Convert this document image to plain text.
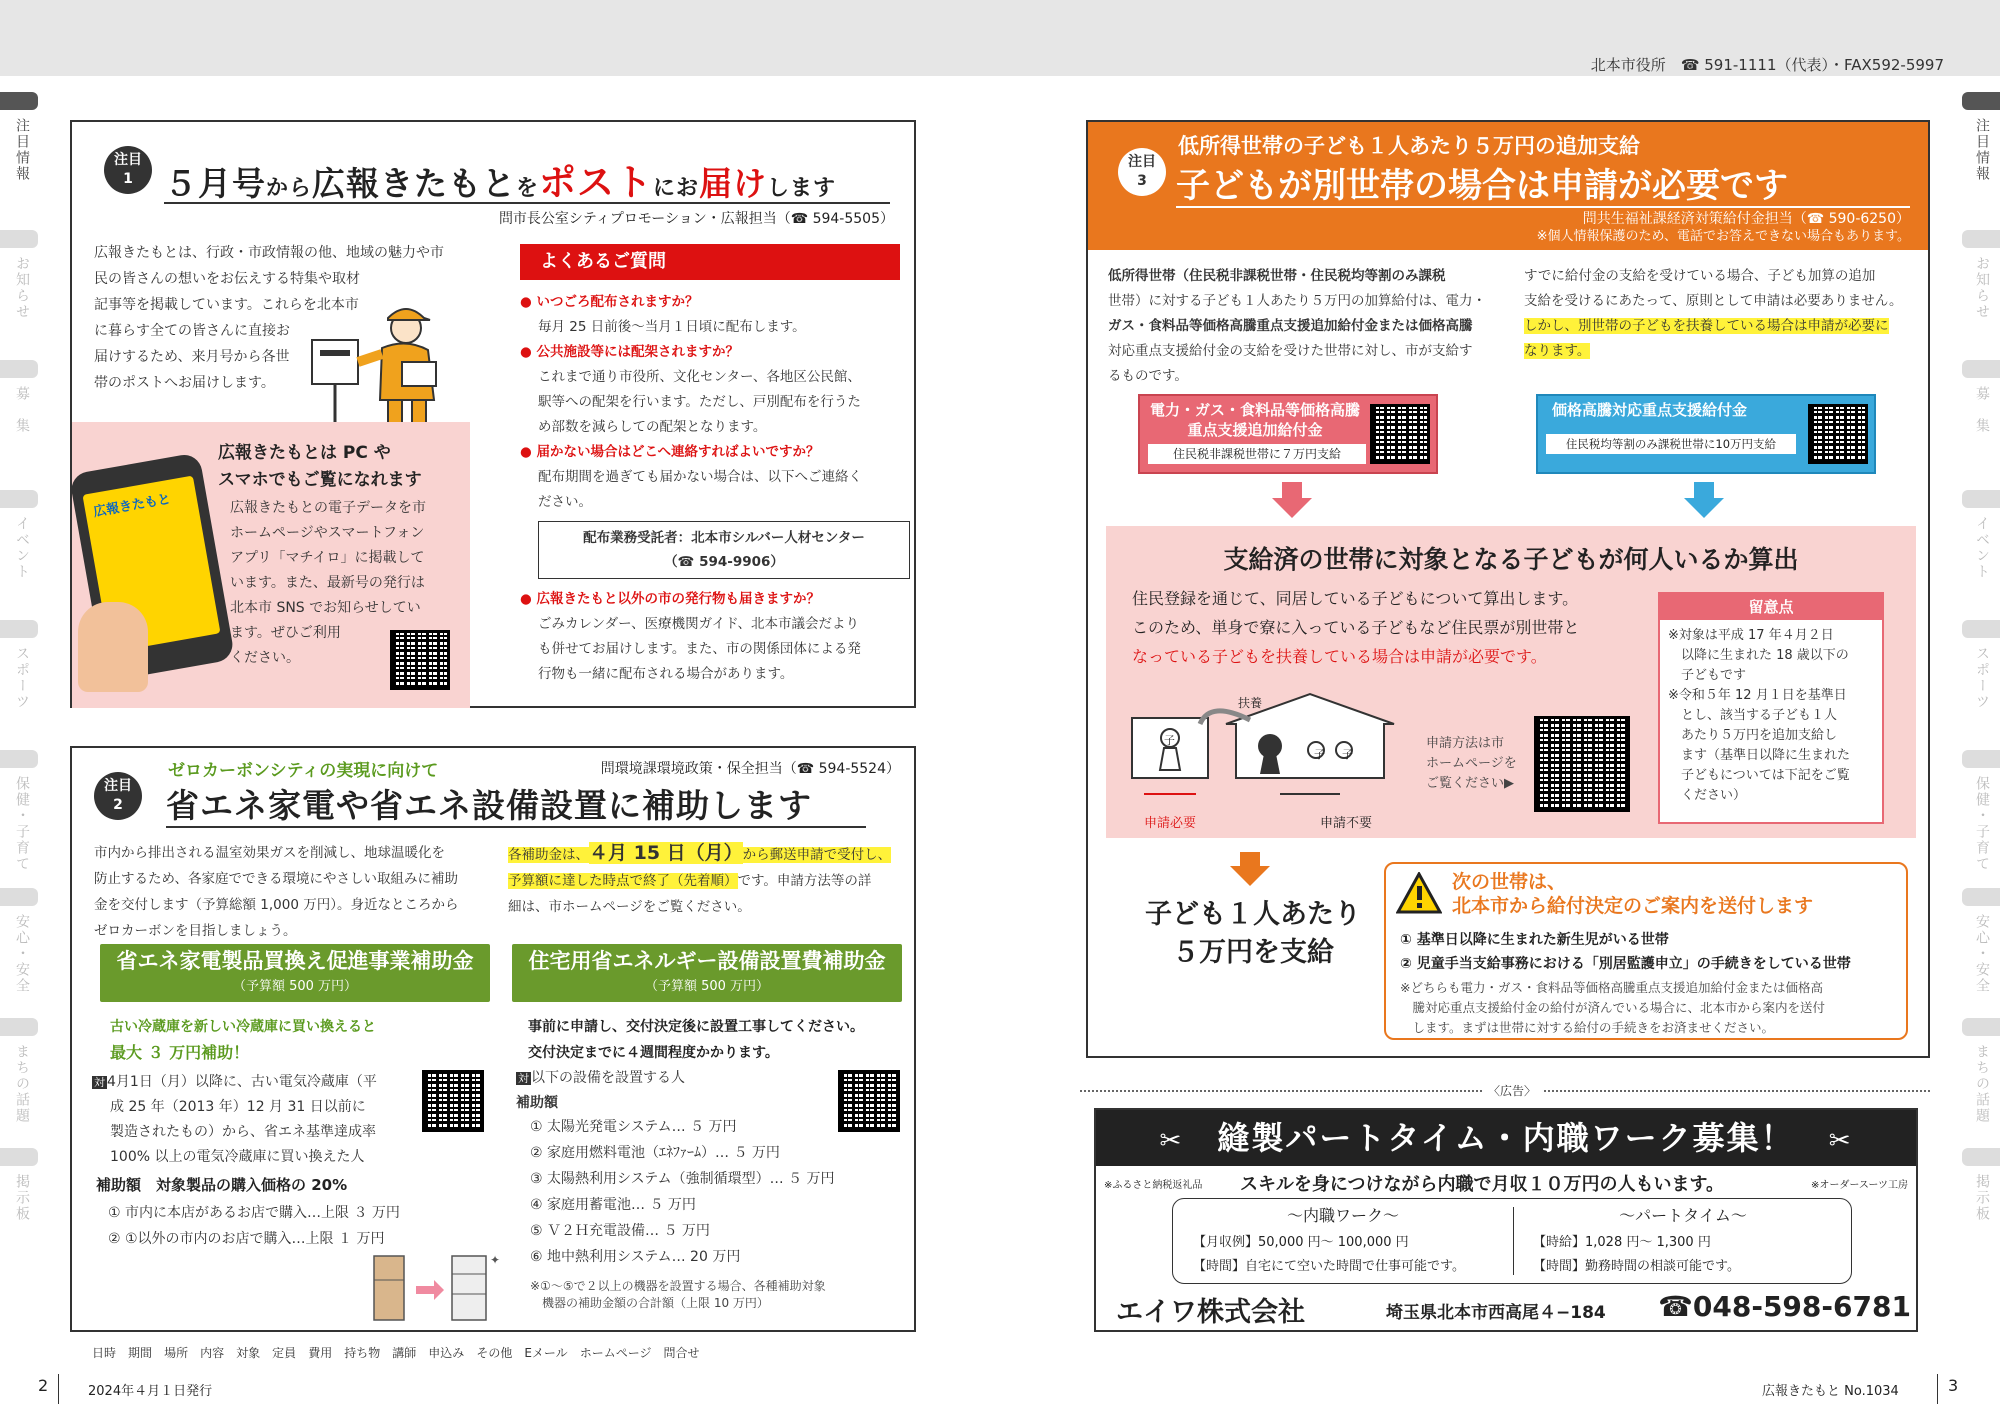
北本市役所　 ☎ 591-1111（代表）・FAX592-5997
注目情報
お知らせ
募　集
イベント
スポーツ
保健・子育て
安心・安全
まちの話題
掲示板
注目情報
お知らせ
募　集
イベント
スポーツ
保健・子育て
安心・安全
まちの話題
掲示板
注目
1 ５月号から広報きたもとをポストにお届けします
問市長公室シティプロモーション・広報担当（☎ 594-5505）
広報きたもとは、行政・市政情報の他、地域の魅力や市
民の皆さんの想いをお伝えする特集や取材
記事等を掲載しています。これらを北本市
に暮らす全ての皆さんに直接お
届けするため、来月号から各世
帯のポストへお届けします。
広報きたもと
広報きたもとは PC や
スマホでもご覧になれます
広報きたもとの電子データを市
ホームページやスマートフォン
アプリ「マチイロ」に掲載して
います。また、最新号の発行は
北本市 SNS でお知らせしてい
ます。ぜひご利用
ください。
よくあるご質問
● いつごろ配布されますか？
毎月 25 日前後～当月１日頃に配布します。
● 公共施設等には配架されますか？
これまで通り市役所、文化センター、各地区公民館、
駅等への配架を行います。ただし、戸別配布を行うた
め部数を減らしての配架となります。
● 届かない場合はどこへ連絡すればよいですか？
配布期間を過ぎても届かない場合は、以下へご連絡く
ださい。
配布業務受託者：北本市シルバー人材センター
（☎ 594-9906）
● 広報きたもと以外の市の発行物も届きますか？
ごみカレンダー、医療機関ガイド、北本市議会だより
も併せてお届けします。また、市の関係団体による発
行物も一緒に配布される場合があります。
注目
2
ゼロカーボンシティの実現に向けて	問環境課環境政策・保全担当（☎ 594-5524）
省エネ家電や省エネ設備設置に補助します
市内から排出される温室効果ガスを削減し、地球温暖化を
防止するため、各家庭でできる環境にやさしい取組みに補助
金を交付します（予算総額 1,000 万円）。身近なところから
ゼロカーボンを目指しましょう。
各補助金は、４月 15 日（月）から郵送申請で受付し、
予算額に達した時点で終了（先着順）です。申請方法等の詳
細は、市ホームページをご覧ください。
省エネ家電製品買換え促進事業補助金
（予算額 500 万円）
古い冷蔵庫を新しい冷蔵庫に買い換えると
最大 ３ 万円補助！
対 4月1日（月）以降に、古い電気冷蔵庫（平
成 25 年（2013 年）12 月 31 日以前に
製造されたもの）から、省エネ基準達成率
100% 以上の電気冷蔵庫に買い換えた人
補助額　対象製品の購入価格の 20%
① 市内に本店があるお店で購入…上限 ３ 万円
② ①以外の市内のお店で購入…上限 １ 万円
✦
住宅用省エネルギー設備設置費補助金
（予算額 500 万円）
事前に申請し、交付決定後に設置工事してください。
交付決定までに４週間程度かかります。
対 以下の設備を設置する人
補助額
① 太陽光発電システム… ５ 万円
② 家庭用燃料電池（ｴﾈﾌｧｰﾑ）… ５ 万円
③ 太陽熱利用システム（強制循環型）… ５ 万円
④ 家庭用蓄電池… ５ 万円
⑤ Ｖ２Ｈ充電設備… ５ 万円
⑥ 地中熱利用システム… 20 万円
※①～⑤で２以上の機器を設置する場合、各種補助対象
　機器の補助金額の合計額（上限 10 万円）
日時　 期間　 場所　 内容　 対象　 定員　 費用　 持ち物　 講師　 申込み　 その他　 Eメール　 ホームページ　 問合せ
2	2024年４月１日発行	広報きたもと No.1034	3
注目
3
低所得世帯の子ども１人あたり５万円の追加支給
子どもが別世帯の場合は申請が必要です
問共生福祉課経済対策給付金担当（☎ 590-6250）
※個人情報保護のため、電話でお答えできない場合もあります。
低所得世帯（住民税非課税世帯・住民税均等割のみ課税
世帯）に対する子ども１人あたり５万円の加算給付は、電力・
ガス・食料品等価格高騰重点支援追加給付金または価格高騰
対応重点支援給付金の支給を受けた世帯に対し、市が支給す
るものです。
すでに給付金の支給を受けている場合、子ども加算の追加
支給を受けるにあたって、原則として申請は必要ありません。
しかし、別世帯の子どもを扶養している場合は申請が必要に
なります。
電力・ガス・食料品等価格高騰
重点支援追加給付金
住民税非課税世帯に７万円支給
価格高騰対応重点支援給付金
住民税均等割のみ課税世帯に10万円支給
支給済の世帯に対象となる子どもが何人いるか算出
住民登録を通じて、同居している子どもについて算出します。
このため、単身で寮に入っている子どもなど住民票が別世帯と
なっている子どもを扶養している場合は申請が必要です。
扶養
子
子 子
申請必要	申請不要
申請方法は市
ホームページを
ご覧ください▶
留意点
※対象は平成 17 年４月２日
　以降に生まれた 18 歳以下の
　子どもです
※令和５年 12 月１日を基準日
　とし、該当する子ども１人
　あたり５万円を追加支給し
　ます（基準日以降に生まれた
　子どもについては下記をご覧
　ください）
子ども１人あたり
５万円を支給
次の世帯は、
北本市から給付決定のご案内を送付します
① 基準日以降に生まれた新生児がいる世帯
② 児童手当支給事務における「別居監護申立」の手続きをしている世帯
※どちらも電力・ガス・食料品等価格高騰重点支援追加給付金または価格高
　騰対応重点支援給付金の給付が済んでいる場合に、北本市から案内を送付
　します。まずは世帯に対する給付の手続きをお済ませください。
〈広告〉
✂　 縫製パートタイム・内職ワーク募集！　 ✂
※ふるさと納税返礼品 スキルを身につけながら内職で月収１０万円の人もいます。	※オーダースーツ工房
～内職ワーク～
【月収例】50,000 円～ 100,000 円
【時間】自宅にて空いた時間で仕事可能です。
～パートタイム～
【時給】1,028 円～ 1,300 円
【時間】勤務時間の相談可能です。
エイワ株式会社	埼玉県北本市西高尾４−184 ☎048-598-6781
